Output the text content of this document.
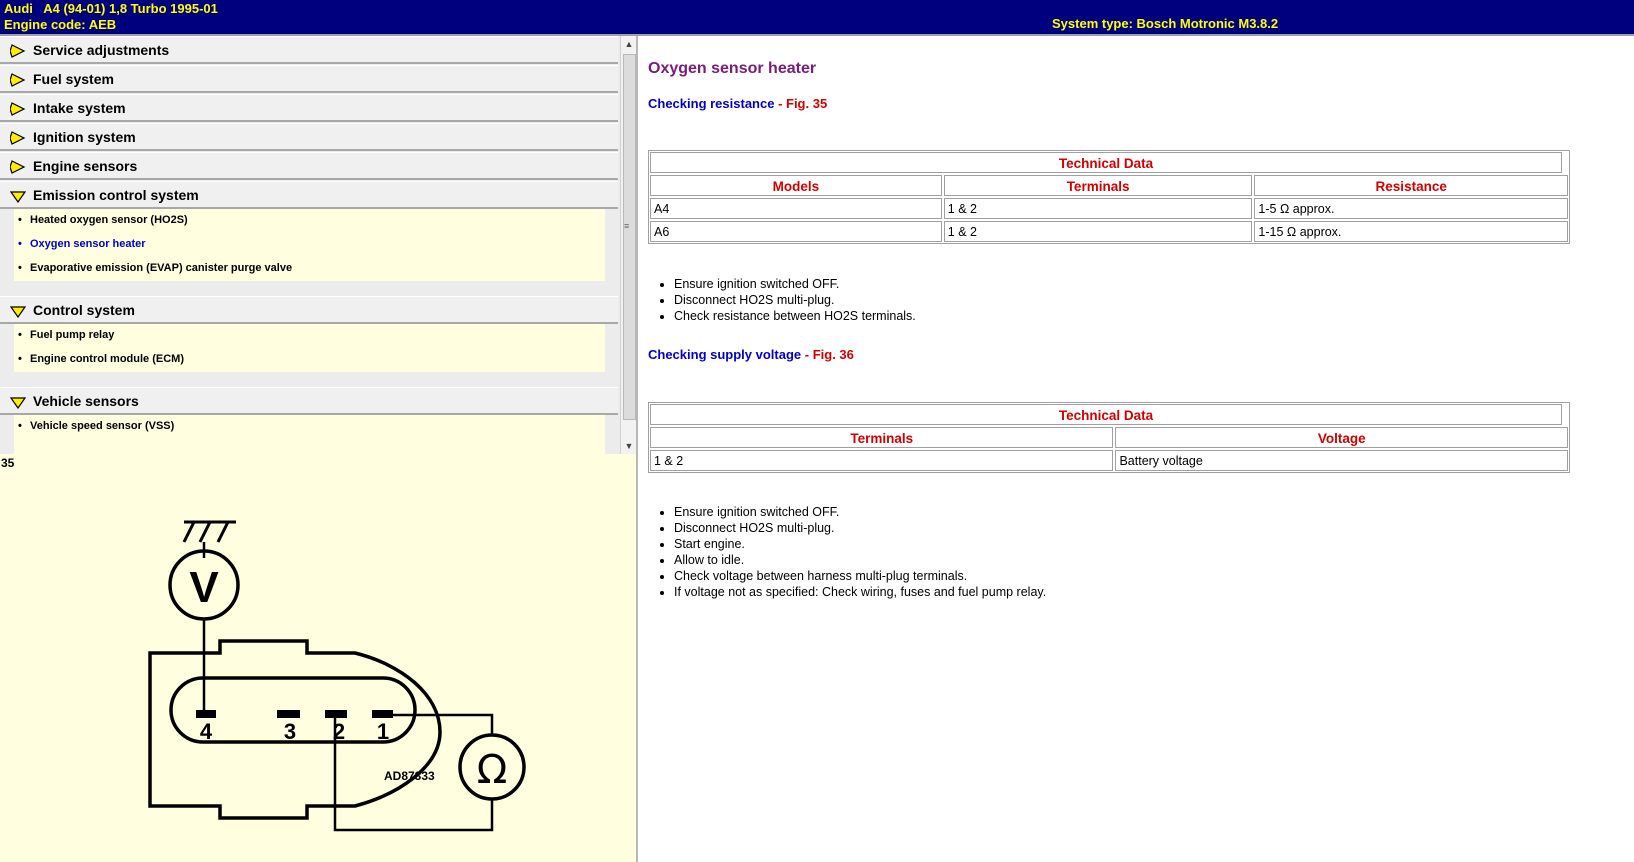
Audi A4 (94-01) 1,8 Turbo 1995-01
Engine code: AEB	System type: Bosch Motronic M3.8.2
Service adjustments
Fuel system
Intake system
Ignition system
Engine sensors
Emission control system
• Heated oxygen sensor (HO2S)
• Oxygen sensor heater
• Evaporative emission (EVAP) canister purge valve
Control system
• Fuel pump relay
• Engine control module (ECM)
Vehicle sensors
• Vehicle speed sensor (VSS)
▲
≡
▼
35
V
4	3 2 1
Ω
AD87333
Oxygen sensor heater
Checking resistance - Fig. 35
Technical Data
Models	Terminals	Resistance
A4	1 & 2	1-5 Ω approx.
A6	1 & 2	1-15 Ω approx.
• Ensure ignition switched OFF.
• Disconnect HO2S multi-plug.
• Check resistance between HO2S terminals.
Checking supply voltage - Fig. 36
Technical Data
Terminals	Voltage
1 & 2	Battery voltage
• Ensure ignition switched OFF.
• Disconnect HO2S multi-plug.
• Start engine.
• Allow to idle.
• Check voltage between harness multi-plug terminals.
• If voltage not as specified: Check wiring, fuses and fuel pump relay.
